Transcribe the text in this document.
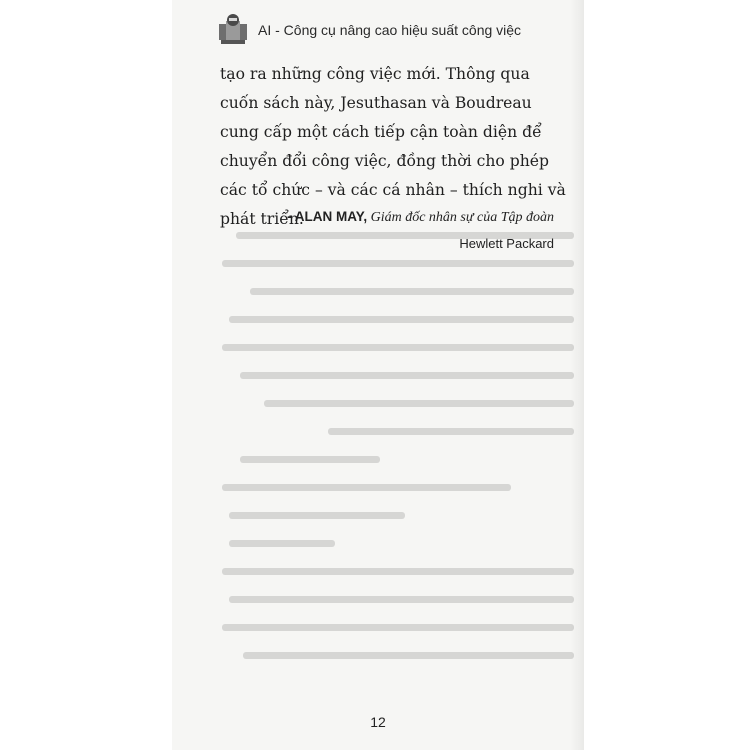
AI - Công cụ nâng cao hiệu suất công việc

tạo ra những công việc mới. Thông qua cuốn sách này, Jesuthasan và Boudreau cung cấp một cách tiếp cận toàn diện để chuyển đổi công việc, đồng thời cho phép các tổ chức – và các cá nhân – thích nghi và phát triển.

- ALAN MAY, Giám đốc nhân sự của Tập đoàn
Hewlett Packard
12
